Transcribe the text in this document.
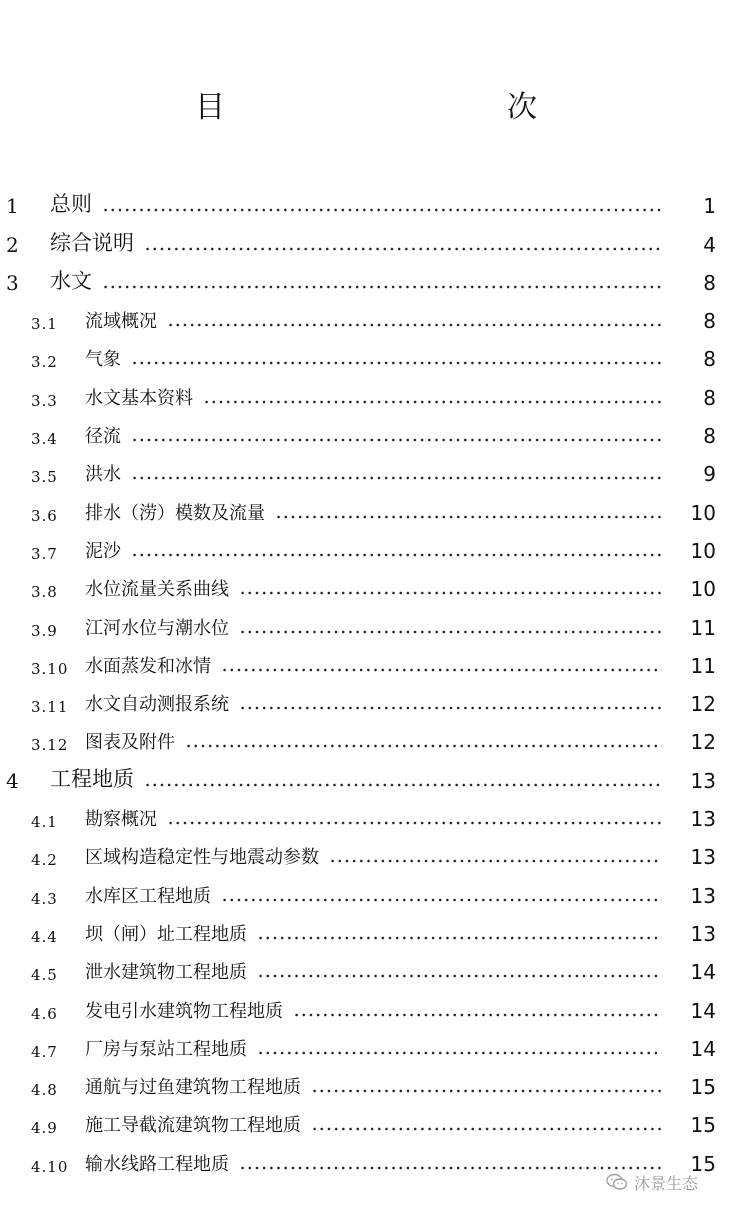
目　　次
1	总则	1
2	综合说明	4
3	水文	8
3.1	流域概况	8
3.2	气象	8
3.3	水文基本资料	8
3.4	径流	8
3.5	洪水	9
3.6	排水（涝）模数及流量	10
3.7	泥沙	10
3.8	水位流量关系曲线	10
3.9	江河水位与潮水位	11
3.10 水面蒸发和冰情	11
3.11 水文自动测报系统	12
3.12 图表及附件	12
4	工程地质	13
4.1	勘察概况	13
4.2	区域构造稳定性与地震动参数	13
4.3	水库区工程地质	13
4.4	坝（闸）址工程地质	13
4.5	泄水建筑物工程地质	14
4.6	发电引水建筑物工程地质	14
4.7	厂房与泵站工程地质	14
4.8	通航与过鱼建筑物工程地质	15
4.9	施工导截流建筑物工程地质	15
4.10 输水线路工程地质	15
沐景生态
